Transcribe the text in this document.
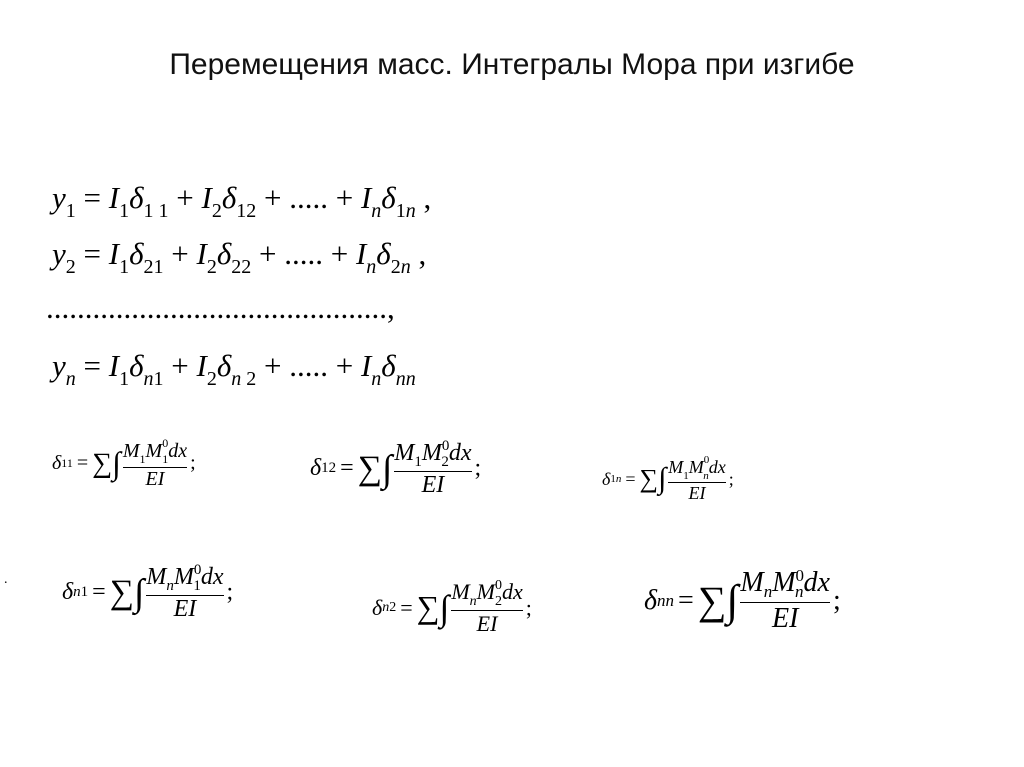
Перемещения масс. Интегралы Мора при изгибе
$y_1 = I_1\delta_{1 1} + I_2\delta_{12}$ + ..... + $I_n\delta_{1n}$ ,
$y_2 = I_1\delta_{21} + I_2\delta_{22}$ + ..... + $I_n\delta_{2n}$ ,
............................................,
$y_n = I_1\delta_{n1} + I_2\delta_{n 2}$ + ..... + $I_n\delta_{nn}$
δ 11 = ∑ ∫ $\frac{M_1M^0_1dx}{EI}$ ;	δ 12 = ∑ ∫ $\frac{M_1M^0_2dx}{EI}$ ;	δ 1n = ∑ ∫ $\frac{M_1M^0_ndx}{EI}$ ;
δ n1 = ∑ ∫ $\frac{M_nM^0_1dx}{EI}$ ;
δ n2 = ∑ ∫ $\frac{M_nM^0_2dx}{EI}$ ;	δ nn = ∑ ∫ $\frac{M_nM^0_ndx}{EI}$ ;
.
